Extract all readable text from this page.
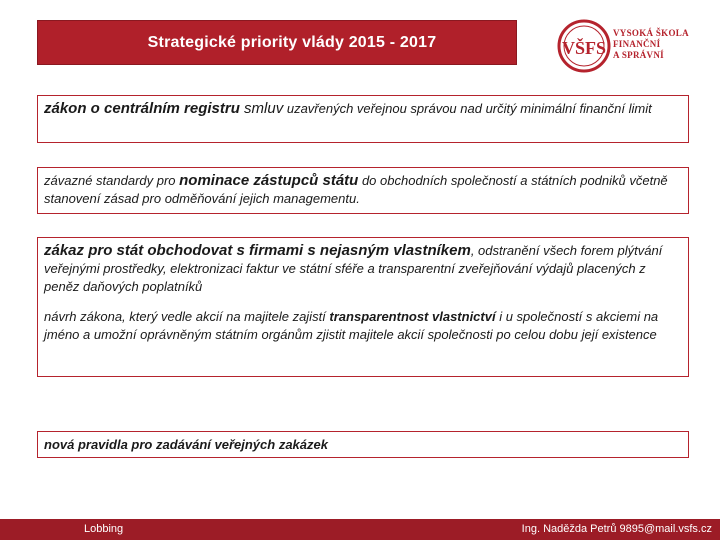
Strategické priority vlády 2015 - 2017	VŠFS
VYSOKÁ ŠKOLA
FINANČNÍ
A SPRÁVNÍ
zákon o centrálním registru smluv uzavřených veřejnou správou nad určitý minimální finanční limit
závazné standardy pro nominace zástupců státu do obchodních společností a státních podniků včetně stanovení zásad pro odměňování jejich managementu.
zákaz pro stát obchodovat s firmami s nejasným vlastníkem, odstranění všech forem plýtvání veřejnými prostředky, elektronizaci faktur ve státní sféře a transparentní zveřejňování výdajů placených z peněz daňových poplatníků
návrh zákona, který vedle akcií na majitele zajistí transparentnost vlastnictví i u společností s akciemi na jméno a umožní oprávněným státním orgánům zjistit majitele akcií společnosti po celou dobu její existence
nová pravidla pro zadávání veřejných zakázek
Lobbing	Ing. Naděžda Petrů 9895@mail.vsfs.cz
